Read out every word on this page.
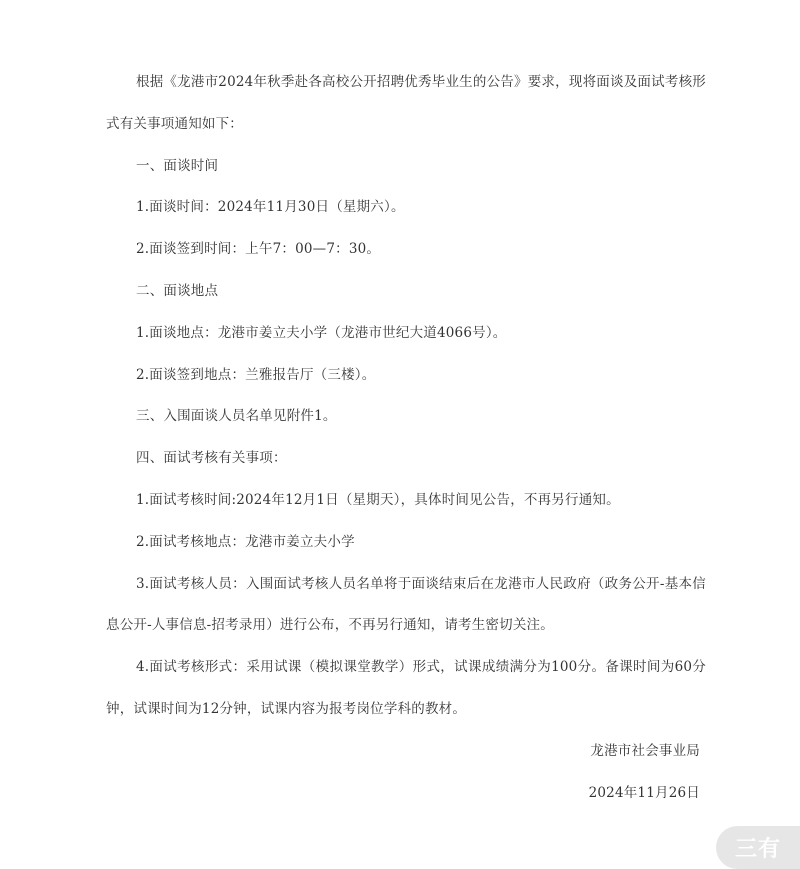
根据《龙港市2024年秋季赴各高校公开招聘优秀毕业生的公告》要求，现将面谈及面试考核形式有关事项通知如下：

一、面谈时间

1.面谈时间：2024年11月30日（星期六）。

2.面谈签到时间：上午7：00—7：30。

二、面谈地点

1.面谈地点：龙港市姜立夫小学（龙港市世纪大道4066号）。

2.面谈签到地点：兰雅报告厅（三楼）。

三、入围面谈人员名单见附件1。

四、面试考核有关事项：

1.面试考核时间:2024年12月1日（星期天），具体时间见公告，不再另行通知。

2.面试考核地点：龙港市姜立夫小学

3.面试考核人员：入围面试考核人员名单将于面谈结束后在龙港市人民政府（政务公开-基本信息公开-人事信息-招考录用）进行公布，不再另行通知，请考生密切关注。

4.面试考核形式：采用试课（模拟课堂教学）形式，试课成绩满分为100分。备课时间为60分钟，试课时间为12分钟，试课内容为报考岗位学科的教材。

龙港市社会事业局

2024年11月26日

三有
